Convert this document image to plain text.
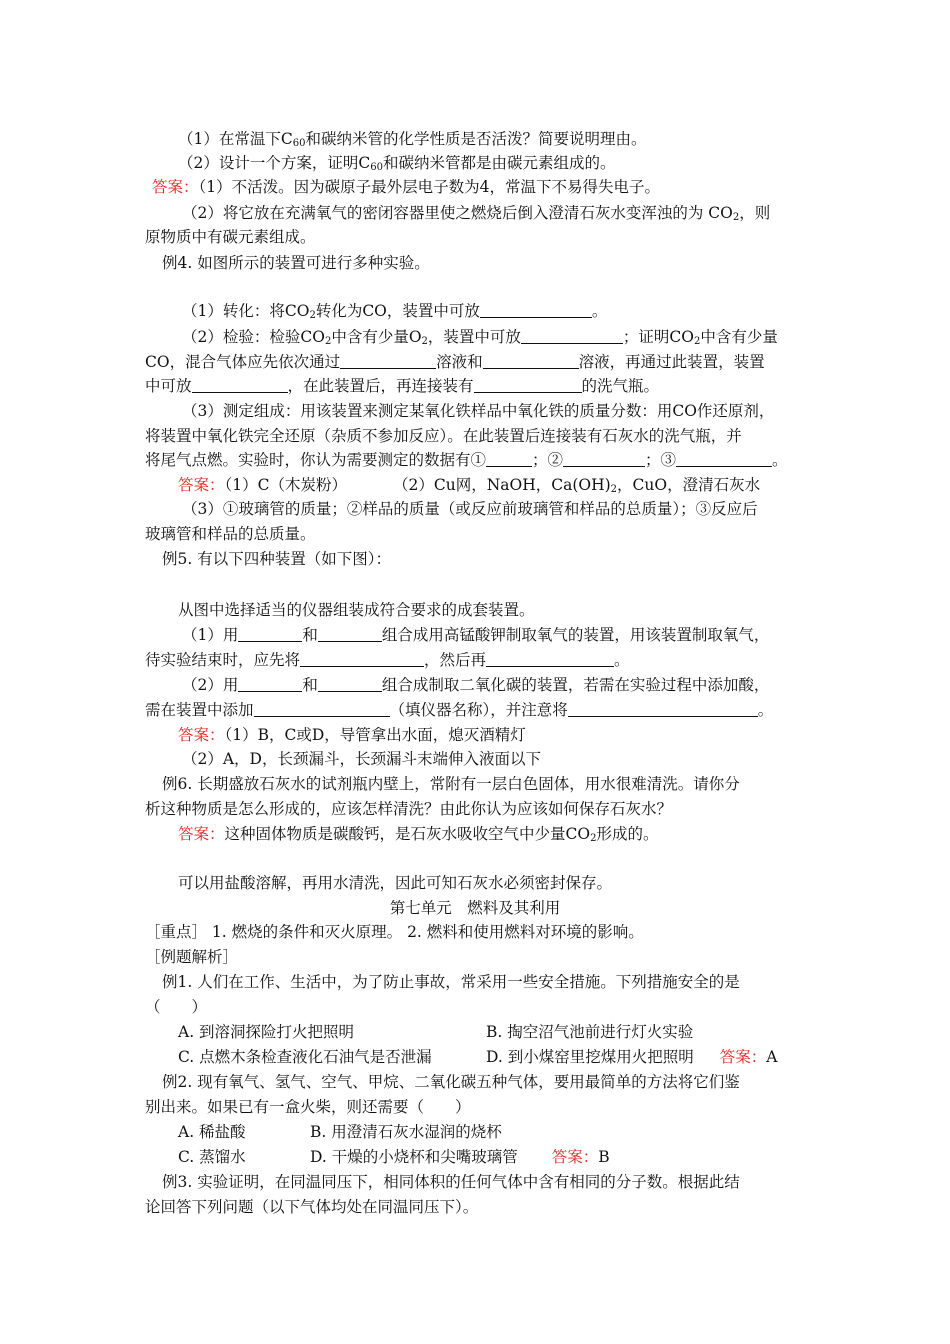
（1）在常温下$C_{60}$和碳纳米管的化学性质是否活泼？简要说明理由。
（2）设计一个方案，证明$C_{60}$和碳纳米管都是由碳元素组成的。
答案：（1）不活泼。因为碳原子最外层电子数为4，常温下不易得失电子。
（2）将它放在充满氧气的密闭容器里使之燃烧后倒入澄清石灰水变浑浊的为 $CO_2$，则
原物质中有碳元素组成。
例4. 如图所示的装置可进行多种实验。
（1）转化：将$CO_2$转化为CO，装置中可放	。
（2）检验：检验$CO_2$中含有少量$O_2$，装置中可放	；证明$CO_2$中含有少量
CO，混合气体应先依次通过	溶液和	溶液，再通过此装置，装置
中可放	，在此装置后，再连接装有	的洗气瓶。
（3）测定组成：用该装置来测定某氧化铁样品中氧化铁的质量分数：用CO作还原剂，
将装置中氧化铁完全还原（杂质不参加反应）。在此装置后连接装有石灰水的洗气瓶，并
将尾气点燃。实验时，你认为需要测定的数据有①	；②	；③	。
答案：（1）C（木炭粉）	（2）Cu网，NaOH，$Ca(OH)_2$，CuO，澄清石灰水
（3）①玻璃管的质量；②样品的质量（或反应前玻璃管和样品的总质量）；③反应后
玻璃管和样品的总质量。
例5. 有以下四种装置（如下图）：
从图中选择适当的仪器组装成符合要求的成套装置。
（1）用	和	组合成用高锰酸钾制取氧气的装置，用该装置制取氧气，
待实验结束时，应先将	，然后再	。
（2）用	和	组合成制取二氧化碳的装置，若需在实验过程中添加酸，
需在装置中添加	（填仪器名称），并注意将	。
答案：（1）B，C或D，导管拿出水面，熄灭酒精灯
（2）A，D，长颈漏斗，长颈漏斗末端伸入液面以下
例6. 长期盛放石灰水的试剂瓶内壁上，常附有一层白色固体，用水很难清洗。请你分
析这种物质是怎么形成的，应该怎样清洗？由此你认为应该如何保存石灰水？
答案：这种固体物质是碳酸钙，是石灰水吸收空气中少量$CO_2$形成的。
可以用盐酸溶解，再用水清洗，因此可知石灰水必须密封保存。
第七单元　燃料及其利用
［重点］ 1. 燃烧的条件和灭火原理。 2. 燃料和使用燃料对环境的影响。
［例题解析］
例1. 人们在工作、生活中，为了防止事故，常采用一些安全措施。下列措施安全的是
（　　）
A. 到溶洞探险打火把照明	B. 掏空沼气池前进行灯火实验
C. 点燃木条检查液化石油气是否泄漏	D. 到小煤窑里挖煤用火把照明 答案：A
例2. 现有氧气、氢气、空气、甲烷、二氧化碳五种气体，要用最简单的方法将它们鉴
别出来。如果已有一盒火柴，则还需要（　　）
A. 稀盐酸	B. 用澄清石灰水湿润的烧杯
C. 蒸馏水	D. 干燥的小烧杯和尖嘴玻璃管 答案：B
例3. 实验证明，在同温同压下，相同体积的任何气体中含有相同的分子数。根据此结
论回答下列问题（以下气体均处在同温同压下）。
